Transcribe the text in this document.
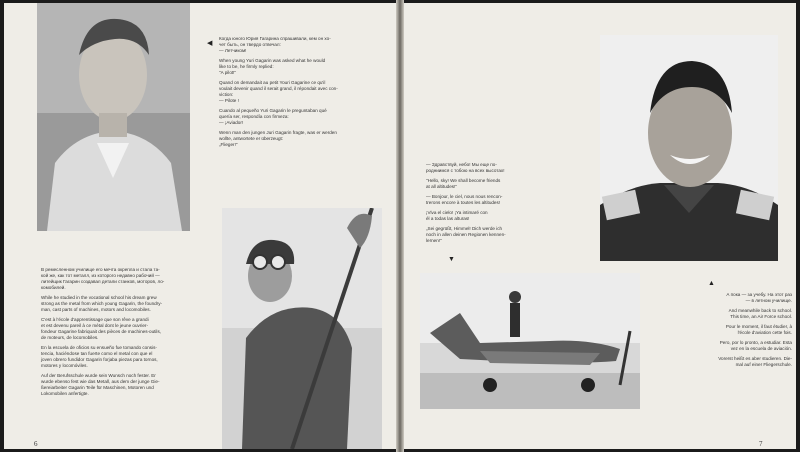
◀

Когда юного Юрия Гагарина спрашивали, кем он хо-
чет быть, он твердо отвечал:
— Летчиком!

When young Yuri Gagarin was asked what he would
like to be, he firmly replied:
"A pilot!"

Quand on demandait au petit Youri Gagarine ce qu'il
voulait devenir quand il serait grand, il répondait avec con-
viction:
— Pilote !

Cuando al pequeño Yuri Gagarin le preguntaban qué
quería ser, respondía con firmeza:
— ¡Aviador!

Wenn man den jungen Juri Gagarin fragte, was er werden
wollte, antwortete er überzeugt:
„Flieger!"

В ремесленном училище его мечта окрепла и стала та-
кой же, как тот металл, из которого недавно рабочий —
литейщик Гагарин создавал детали станков, моторов, ло-
комобилей.

While he studied in the vocational school his dream grew
strong as the metal from which young Gagarin, the foundry-
man, cast parts of machines, motors and locomobiles.

C'est à l'école d'apprentissage que son rêve a grandi
et est devenu pareil à ce métal dont le jeune ouvrier-
fondeur Gagarine fabriquait des pièces de machines-outils,
de moteurs, de locomobiles.

En la escuela de oficios su ensueño fue tomando consis-
tencia, haciéndose tan fuerte como el metal con que el
joven obrero fundidor Gagarin forjaba piezas para tornos,
motores y locomóviles.

Auf der Berufsschule wurde sein Wunsch noch fester. Er
wurde ebenso fest wie das Metall, aus dem der junge Gie-
ßereiarbeiter Gagarin Teile für Maschinen, Motoren und
Lokomobilen anfertigte.

6

— Здравствуй, небо! Мы еще по-
родниимся с тобою на всех высотах!

"Hello, sky! We shall become friends
at all altitudes!"

— Bonjour, le ciel, nous nous rencon-
trerons encore à toutes les altitudes!

¡Viva el cielo! ¡Ya intimaré con
él a todas las alturas!

„Sei gegrüßt, Himmel! Dich werde ich
noch in allen deinen Regionen kennen-
lernen!"

▼
▲

А пока — за учебу. На этот раз
— в летном училище.

And meanwhile back to school.
This time, an Air Force school.

Pour le moment, il faut étudier, à
l'école d'aviation cette fois.

Pero, por lo pronto, a estudiar. Esta
vez en la escuela de aviación.

Vorerst heißt es aber studieren. Die-
mal auf einer Fliegerschule.

7
